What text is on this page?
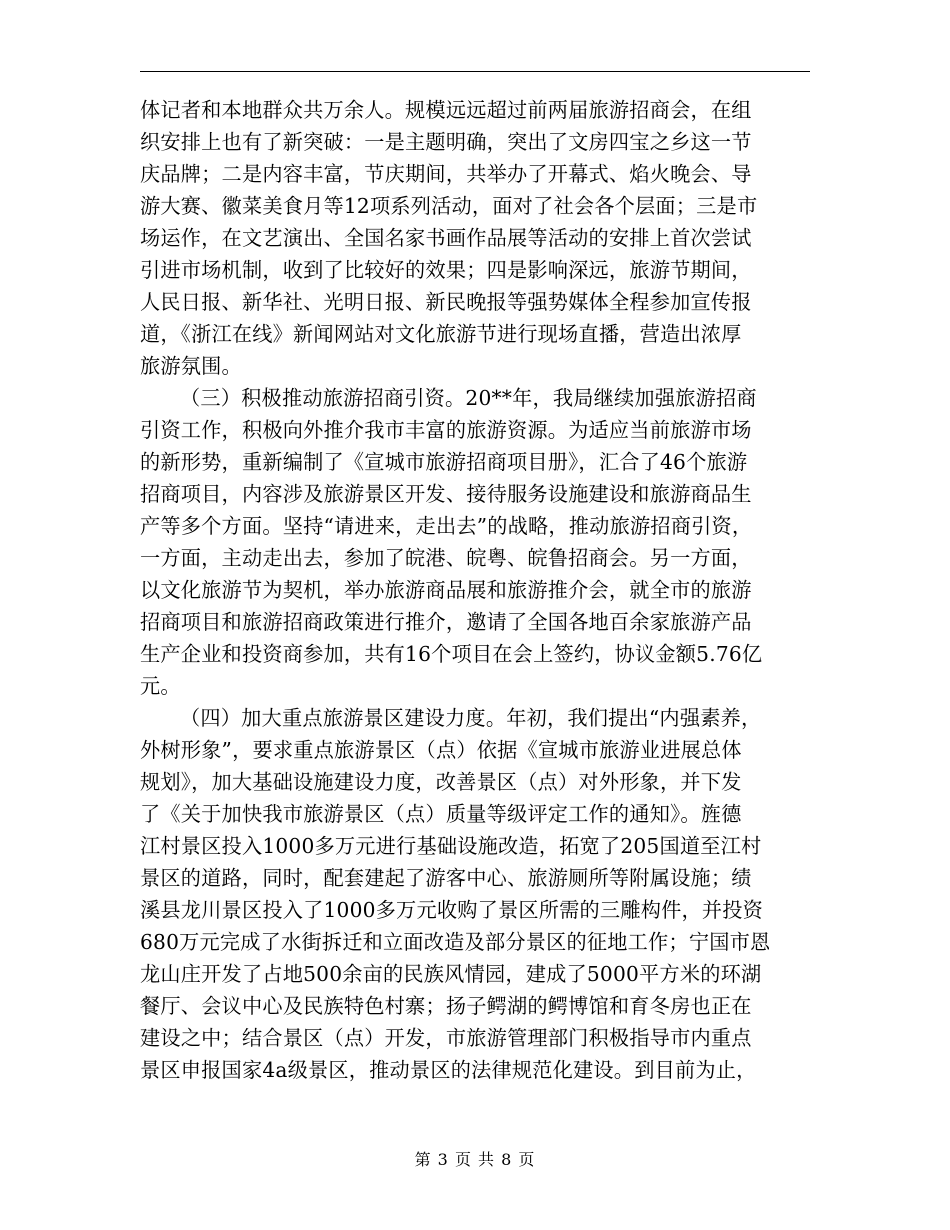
体记者和本地群众共万余人。规模远远超过前两届旅游招商会，在组
织安排上也有了新突破：一是主题明确，突出了文房四宝之乡这一节
庆品牌；二是内容丰富，节庆期间，共举办了开幕式、焰火晚会、导
游大赛、徽菜美食月等12项系列活动，面对了社会各个层面；三是市
场运作，在文艺演出、全国名家书画作品展等活动的安排上首次尝试
引进市场机制，收到了比较好的效果；四是影响深远，旅游节期间，
人民日报、新华社、光明日报、新民晚报等强势媒体全程参加宣传报
道，《浙江在线》新闻网站对文化旅游节进行现场直播，营造出浓厚
旅游氛围。
（三）积极推动旅游招商引资。20**年，我局继续加强旅游招商
引资工作，积极向外推介我市丰富的旅游资源。为适应当前旅游市场
的新形势，重新编制了《宣城市旅游招商项目册》，汇合了46个旅游
招商项目，内容涉及旅游景区开发、接待服务设施建设和旅游商品生
产等多个方面。坚持“请进来，走出去”的战略，推动旅游招商引资，
一方面，主动走出去，参加了皖港、皖粤、皖鲁招商会。另一方面，
以文化旅游节为契机，举办旅游商品展和旅游推介会，就全市的旅游
招商项目和旅游招商政策进行推介，邀请了全国各地百余家旅游产品
生产企业和投资商参加，共有16个项目在会上签约，协议金额5.76亿
元。
（四）加大重点旅游景区建设力度。年初，我们提出“内强素养，
外树形象”，要求重点旅游景区（点）依据《宣城市旅游业进展总体
规划》，加大基础设施建设力度，改善景区（点）对外形象，并下发
了《关于加快我市旅游景区（点）质量等级评定工作的通知》。旌德
江村景区投入1000多万元进行基础设施改造，拓宽了205国道至江村
景区的道路，同时，配套建起了游客中心、旅游厕所等附属设施；绩
溪县龙川景区投入了1000多万元收购了景区所需的三雕构件，并投资
680万元完成了水街拆迁和立面改造及部分景区的征地工作；宁国市恩
龙山庄开发了占地500余亩的民族风情园，建成了5000平方米的环湖
餐厅、会议中心及民族特色村寨；扬子鳄湖的鳄博馆和育冬房也正在
建设之中；结合景区（点）开发，市旅游管理部门积极指导市内重点
景区申报国家4a级景区，推动景区的法律规范化建设。到目前为止，
第 3 页 共 8 页
